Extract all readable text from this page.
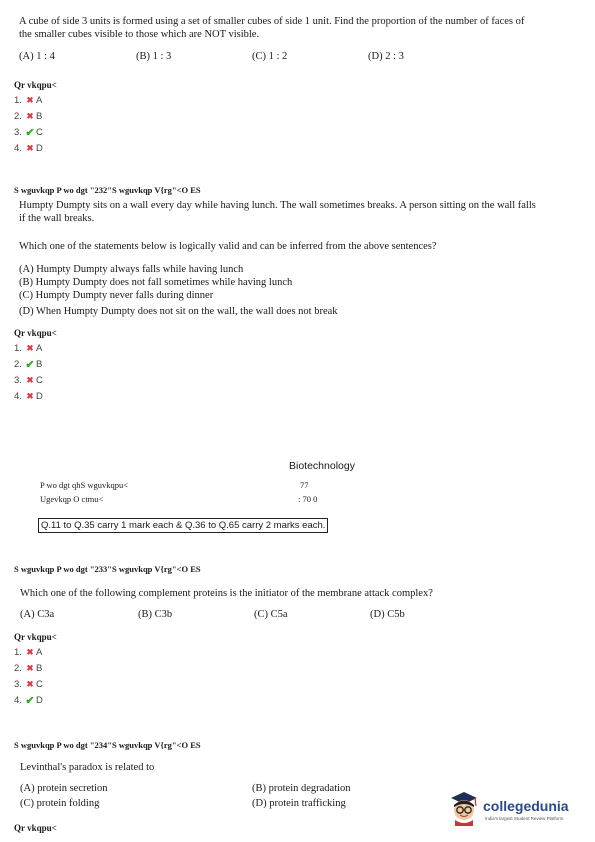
A cube of side 3 units is formed using a set of smaller cubes of side 1 unit. Find the proportion of the number of faces of the smaller cubes visible to those which are NOT visible.
(A) 1 : 4	(B) 1 : 3	(C) 1 : 2	(D) 2 : 3
Qr vkqpu<
1. ✖ A
2. ✖ B
3. ✔ C
4. ✖ D
S wguvkqp P wo dgt "232"S wguvkqp V{rg"<O ES
Humpty Dumpty sits on a wall every day while having lunch. The wall sometimes breaks. A person sitting on the wall falls if the wall breaks.
Which one of the statements below is logically valid and can be inferred from the above sentences?
(A) Humpty Dumpty always falls while having lunch
(B) Humpty Dumpty does not fall sometimes while having lunch
(C) Humpty Dumpty never falls during dinner
(D) When Humpty Dumpty does not sit on the wall, the wall does not break
Qr vkqpu<
1. ✖ A
2. ✔ B
3. ✖ C
4. ✖ D
Biotechnology
P wo dgt qhS wguvkqpu<	77
Ugevkqp O ctmu<	: 70 0
Q.11 to Q.35 carry 1 mark each & Q.36 to Q.65 carry 2 marks each.
S wguvkqp P wo dgt "233"S wguvkqp V{rg"<O ES
Which one of the following complement proteins is the initiator of the membrane attack complex?
(A) C3a	(B) C3b	(C) C5a	(D) C5b
Qr vkqpu<
1. ✖ A
2. ✖ B
3. ✖ C
4. ✔ D
S wguvkqp P wo dgt "234"S wguvkqp V{rg"<O ES
Levinthal's paradox is related to
(A) protein secretion	(B) protein degradation
(C) protein folding	(D) protein trafficking
Qr vkqpu<
collegedunia
India's largest Student Review Platform
